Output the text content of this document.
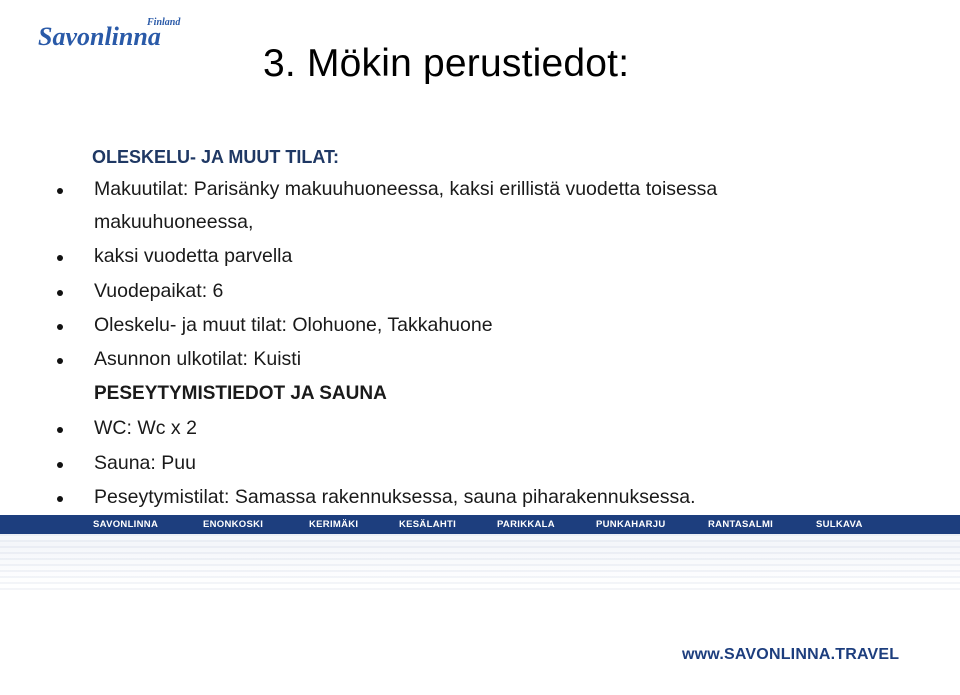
Finland
Savonlinna
3. Mökin perustiedot:
OLESKELU- JA MUUT TILAT:
Makuutilat: Parisänky makuuhuoneessa, kaksi erillistä vuodetta toisessa
makuuhuoneessa,
kaksi vuodetta parvella
Vuodepaikat: 6
Oleskelu- ja muut tilat: Olohuone, Takkahuone
Asunnon ulkotilat: Kuisti
PESEYTYMISTIEDOT JA SAUNA
WC: Wc x 2
Sauna: Puu
Peseytymistilat: Samassa rakennuksessa, sauna piharakennuksessa.
SAVONLINNA	ENONKOSKI	KERIMÄKI	KESÄLAHTI	PARIKKALA	PUNKAHARJU	RANTASALMI	SULKAVA
www.SAVONLINNA.TRAVEL
